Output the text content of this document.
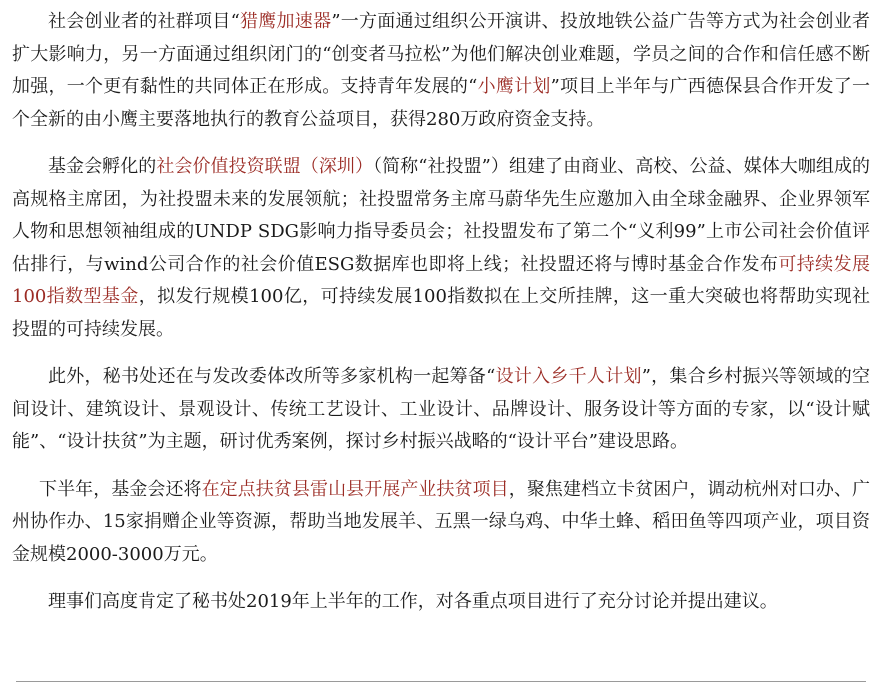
社会创业者的社群项目“猎鹰加速器”一方面通过组织公开演讲、投放地铁公益广告等方式为社会创业者扩大影响力，另一方面通过组织闭门的“创变者马拉松”为他们解决创业难题，学员之间的合作和信任感不断加强，一个更有黏性的共同体正在形成。支持青年发展的“小鹰计划”项目上半年与广西德保县合作开发了一个全新的由小鹰主要落地执行的教育公益项目，获得280万政府资金支持。

基金会孵化的社会价值投资联盟（深圳）（简称“社投盟”）组建了由商业、高校、公益、媒体大咖组成的高规格主席团，为社投盟未来的发展领航；社投盟常务主席马蔚华先生应邀加入由全球金融界、企业界领军人物和思想领袖组成的UNDP SDG影响力指导委员会；社投盟发布了第二个“义利99”上市公司社会价值评估排行，与wind公司合作的社会价值ESG数据库也即将上线；社投盟还将与博时基金合作发布可持续发展100指数型基金，拟发行规模100亿，可持续发展100指数拟在上交所挂牌，这一重大突破也将帮助实现社投盟的可持续发展。

此外，秘书处还在与发改委体改所等多家机构一起筹备“设计入乡千人计划”，集合乡村振兴等领域的空间设计、建筑设计、景观设计、传统工艺设计、工业设计、品牌设计、服务设计等方面的专家，以“设计赋能”、“设计扶贫”为主题，研讨优秀案例，探讨乡村振兴战略的“设计平台”建设思路。

下半年，基金会还将在定点扶贫县雷山县开展产业扶贫项目，聚焦建档立卡贫困户，调动杭州对口办、广州协作办、15家捐赠企业等资源，帮助当地发展羊、五黑一绿乌鸡、中华土蜂、稻田鱼等四项产业，项目资金规模2000-3000万元。

理事们高度肯定了秘书处2019年上半年的工作，对各重点项目进行了充分讨论并提出建议。
